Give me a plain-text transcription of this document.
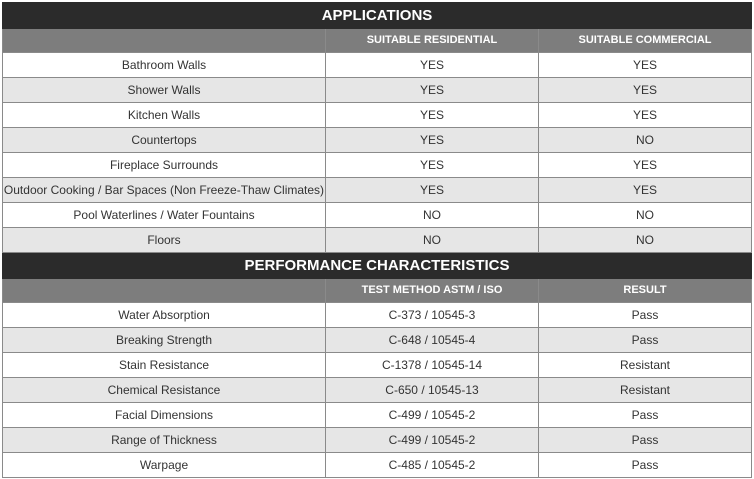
APPLICATIONS		
	SUITABLE RESIDENTIAL	SUITABLE COMMERCIAL
Bathroom Walls	YES	YES
Shower Walls	YES	YES
Kitchen Walls	YES	YES
Countertops	YES	NO
Fireplace Surrounds	YES	YES
Outdoor Cooking / Bar Spaces (Non Freeze-Thaw Climates)	YES	YES
Pool Waterlines / Water Fountains	NO	NO
Floors	NO	NO
PERFORMANCE CHARACTERISTICS		
	TEST METHOD ASTM / ISO	RESULT
Water Absorption	C-373 / 10545-3	Pass
Breaking Strength	C-648 / 10545-4	Pass
Stain Resistance	C-1378 / 10545-14	Resistant
Chemical Resistance	C-650 / 10545-13	Resistant
Facial Dimensions	C-499 / 10545-2	Pass
Range of Thickness	C-499 / 10545-2	Pass
Warpage	C-485 / 10545-2	Pass
